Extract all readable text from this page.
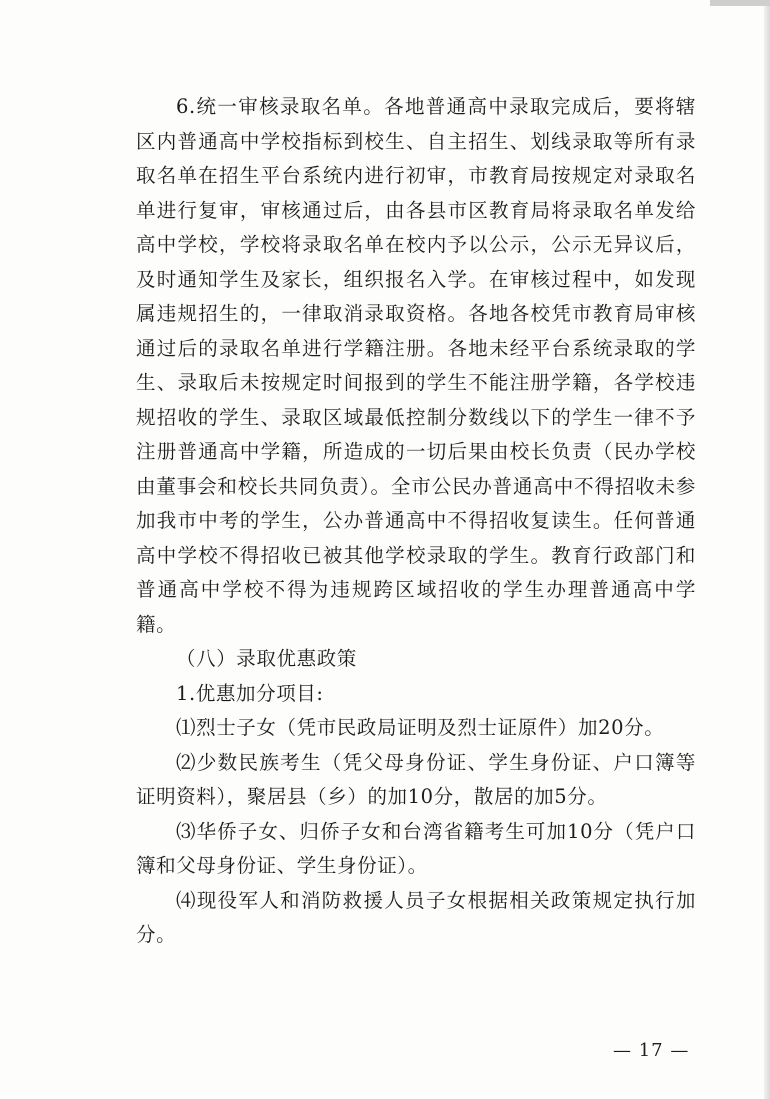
6.统一审核录取名单。各地普通高中录取完成后，要将辖区内普通高中学校指标到校生、自主招生、划线录取等所有录取名单在招生平台系统内进行初审，市教育局按规定对录取名单进行复审，审核通过后，由各县市区教育局将录取名单发给高中学校，学校将录取名单在校内予以公示，公示无异议后，及时通知学生及家长，组织报名入学。在审核过程中，如发现属违规招生的，一律取消录取资格。各地各校凭市教育局审核通过后的录取名单进行学籍注册。各地未经平台系统录取的学生、录取后未按规定时间报到的学生不能注册学籍，各学校违规招收的学生、录取区域最低控制分数线以下的学生一律不予注册普通高中学籍，所造成的一切后果由校长负责（民办学校由董事会和校长共同负责）。全市公民办普通高中不得招收未参加我市中考的学生，公办普通高中不得招收复读生。任何普通高中学校不得招收已被其他学校录取的学生。教育行政部门和普通高中学校不得为违规跨区域招收的学生办理普通高中学籍。

（八）录取优惠政策

1.优惠加分项目:

⑴烈士子女（凭市民政局证明及烈士证原件）加20分。

⑵少数民族考生（凭父母身份证、学生身份证、户口簿等证明资料），聚居县（乡）的加10分，散居的加5分。

⑶华侨子女、归侨子女和台湾省籍考生可加10分（凭户口簿和父母身份证、学生身份证）。

⑷现役军人和消防救援人员子女根据相关政策规定执行加分。

— 17 —
